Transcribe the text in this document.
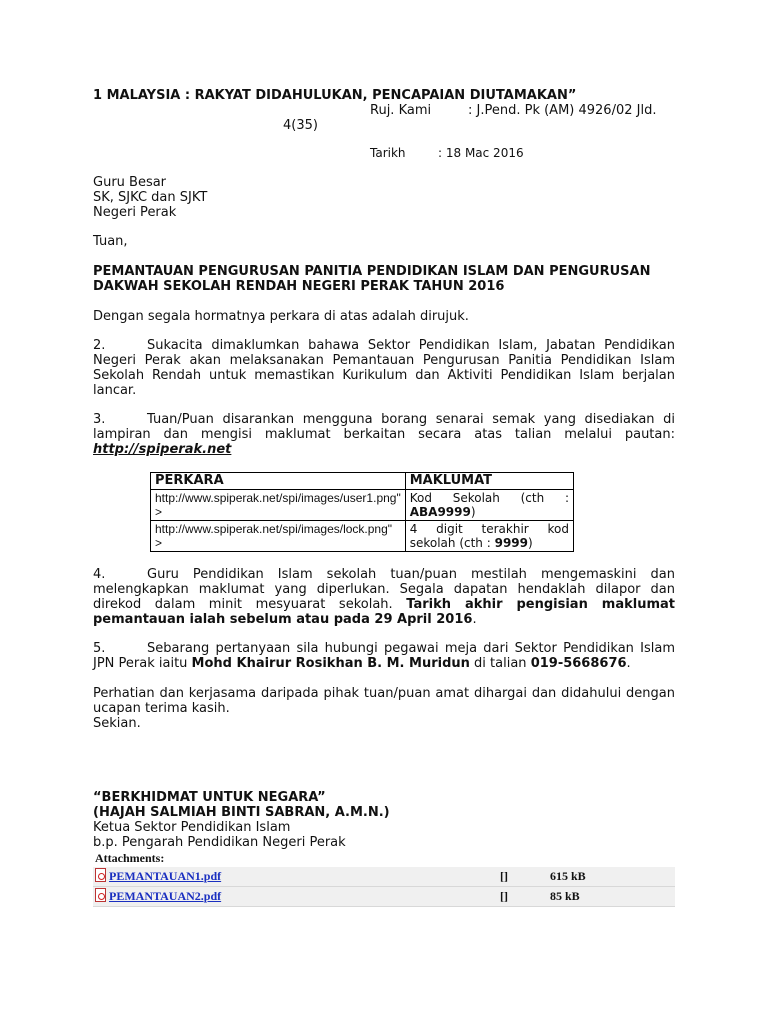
1 MALAYSIA : RAKYAT DIDAHULUKAN, PENCAPAIAN DIUTAMAKAN”
Ruj. Kami	: J.Pend. Pk (AM) 4926/02 Jld.
4(35)
Tarikh	: 18 Mac 2016
Guru Besar
SK, SJKC dan SJKT
Negeri Perak
Tuan,
PEMANTAUAN PENGURUSAN PANITIA PENDIDIKAN ISLAM DAN PENGURUSAN
DAKWAH SEKOLAH RENDAH NEGERI PERAK TAHUN 2016
Dengan segala hormatnya perkara di atas adalah dirujuk.
2.	Sukacita dimaklumkan bahawa Sektor Pendidikan Islam, Jabatan Pendidikan Negeri Perak akan melaksanakan Pemantauan Pengurusan Panitia Pendidikan Islam Sekolah Rendah untuk memastikan Kurikulum dan Aktiviti Pendidikan Islam berjalan lancar.
3.	Tuan/Puan disarankan mengguna borang senarai semak yang disediakan di lampiran dan mengisi maklumat berkaitan secara atas talian melalui pautan: http://spiperak.net
PERKARA	MAKLUMAT
http://www.spiperak.net/spi/images/user1.png" >	Kod Sekolah (cth : ABA9999)
http://www.spiperak.net/spi/images/lock.png" >	4 digit terakhir kod sekolah (cth : 9999)
4.	Guru Pendidikan Islam sekolah tuan/puan mestilah mengemaskini dan melengkapkan maklumat yang diperlukan. Segala dapatan hendaklah dilapor dan direkod dalam minit mesyuarat sekolah. Tarikh akhir pengisian maklumat pemantauan ialah sebelum atau pada 29 April 2016.
5.	Sebarang pertanyaan sila hubungi pegawai meja dari Sektor Pendidikan Islam JPN Perak iaitu Mohd Khairur Rosikhan B. M. Muridun di talian 019-5668676.
Perhatian dan kerjasama daripada pihak tuan/puan amat dihargai dan didahului dengan ucapan terima kasih.
Sekian.
“BERKHIDMAT UNTUK NEGARA”
(HAJAH SALMIAH BINTI SABRAN, A.M.N.)
Ketua Sektor Pendidikan Islam
b.p. Pengarah Pendidikan Negeri Perak
Attachments:
PEMANTAUAN1.pdf	[]	615 kB
PEMANTAUAN2.pdf	[]	85 kB
